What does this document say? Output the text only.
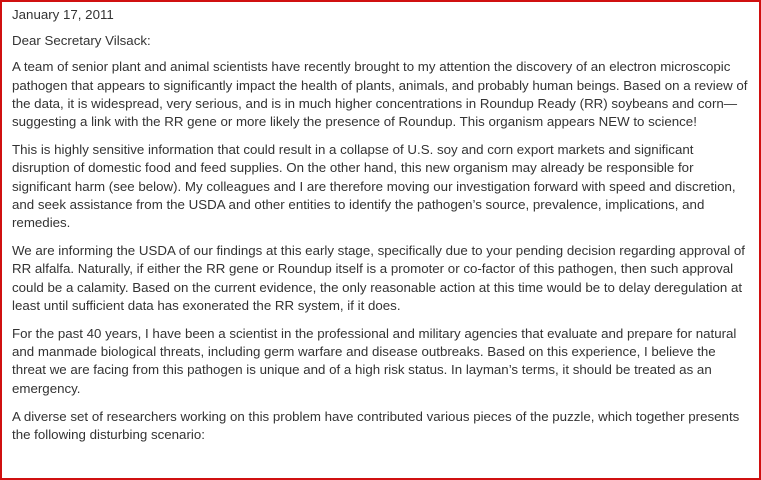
January 17, 2011
Dear Secretary Vilsack:

A team of senior plant and animal scientists have recently brought to my attention the discovery of an electron microscopic pathogen that appears to significantly impact the health of plants, animals, and probably human beings. Based on a review of the data, it is widespread, very serious, and is in much higher concentrations in Roundup Ready (RR) soybeans and corn—suggesting a link with the RR gene or more likely the presence of Roundup. This organism appears NEW to science!

This is highly sensitive information that could result in a collapse of U.S. soy and corn export markets and significant disruption of domestic food and feed supplies. On the other hand, this new organism may already be responsible for significant harm (see below). My colleagues and I are therefore moving our investigation forward with speed and discretion, and seek assistance from the USDA and other entities to identify the pathogen’s source, prevalence, implications, and remedies.

We are informing the USDA of our findings at this early stage, specifically due to your pending decision regarding approval of RR alfalfa. Naturally, if either the RR gene or Roundup itself is a promoter or co-factor of this pathogen, then such approval could be a calamity. Based on the current evidence, the only reasonable action at this time would be to delay deregulation at least until sufficient data has exonerated the RR system, if it does.

For the past 40 years, I have been a scientist in the professional and military agencies that evaluate and prepare for natural and manmade biological threats, including germ warfare and disease outbreaks. Based on this experience, I believe the threat we are facing from this pathogen is unique and of a high risk status. In layman’s terms, it should be treated as an emergency.

A diverse set of researchers working on this problem have contributed various pieces of the puzzle, which together presents the following disturbing scenario:
